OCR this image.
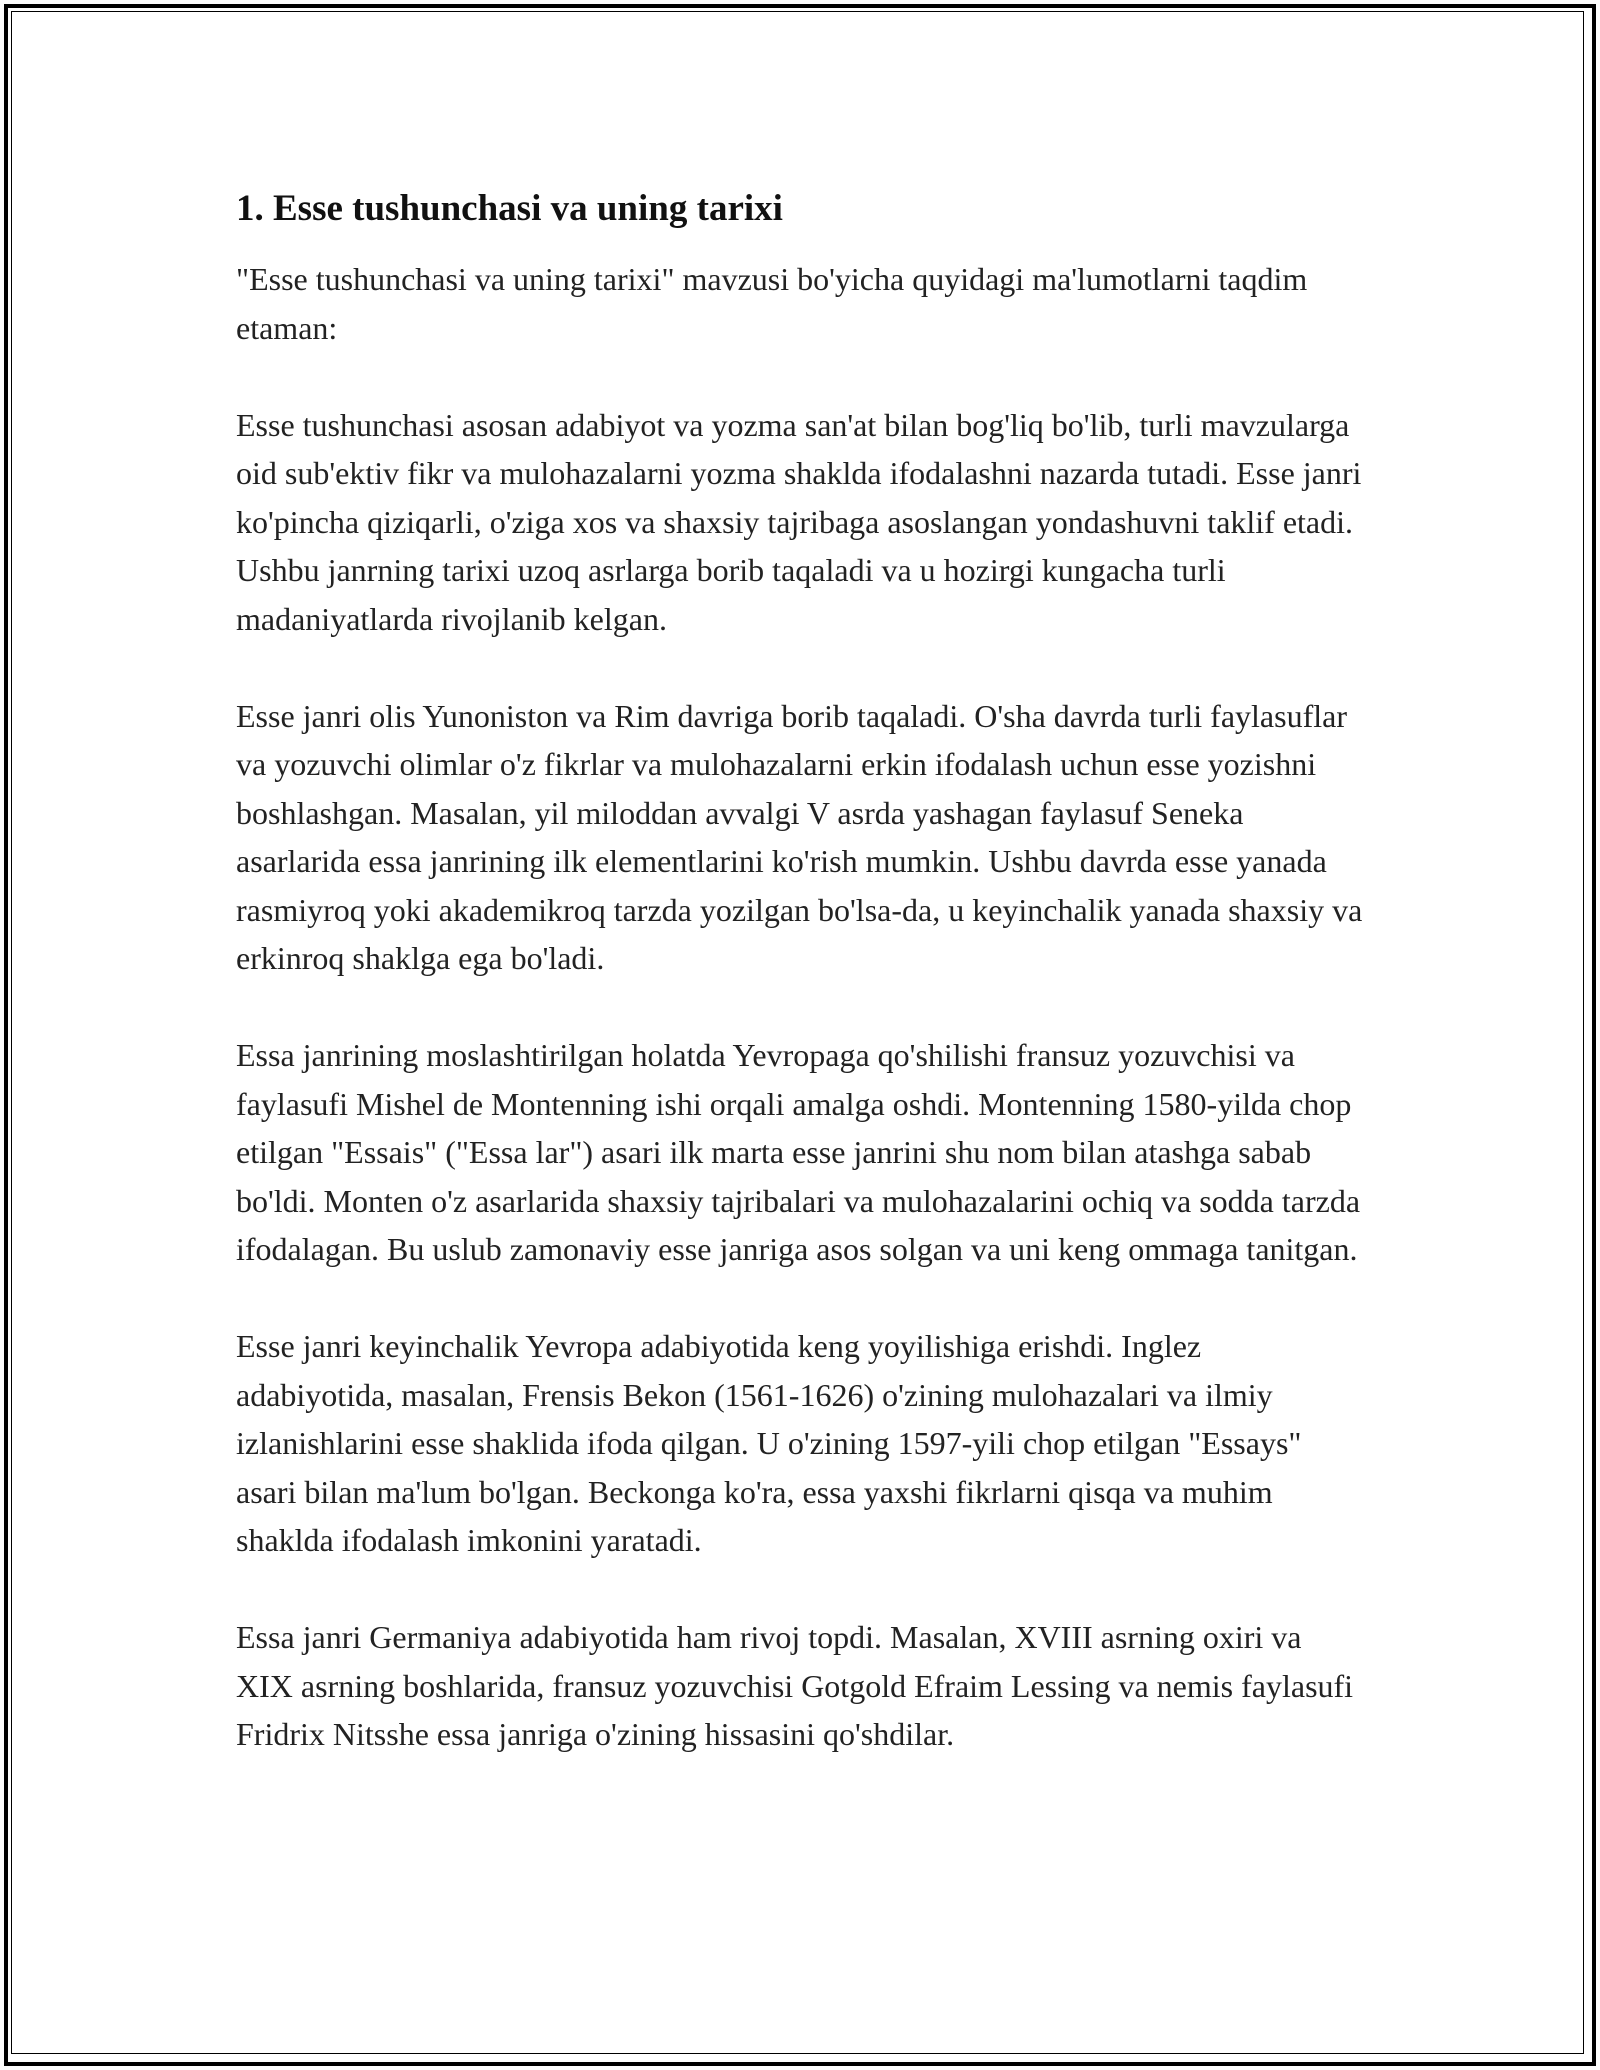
1. Esse tushunchasi va uning tarixi

"Esse tushunchasi va uning tarixi" mavzusi bo'yicha quyidagi ma'lumotlarni taqdim etaman:

Esse tushunchasi asosan adabiyot va yozma san'at bilan bog'liq bo'lib, turli mavzularga oid sub'ektiv fikr va mulohazalarni yozma shaklda ifodalashni nazarda tutadi. Esse janri ko'pincha qiziqarli, o'ziga xos va shaxsiy tajribaga asoslangan yondashuvni taklif etadi. Ushbu janrning tarixi uzoq asrlarga borib taqaladi va u hozirgi kungacha turli madaniyatlarda rivojlanib kelgan.

Esse janri olis Yunoniston va Rim davriga borib taqaladi. O'sha davrda turli faylasuflar va yozuvchi olimlar o'z fikrlar va mulohazalarni erkin ifodalash uchun esse yozishni boshlashgan. Masalan, yil miloddan avvalgi V asrda yashagan faylasuf Seneka asarlarida essa janrining ilk elementlarini ko'rish mumkin. Ushbu davrda esse yanada rasmiyroq yoki akademikroq tarzda yozilgan bo'lsa-da, u keyinchalik yanada shaxsiy va erkinroq shaklga ega bo'ladi.

Essa janrining moslashtirilgan holatda Yevropaga qo'shilishi fransuz yozuvchisi va faylasufi Mishel de Montenning ishi orqali amalga oshdi. Montenning 1580-yilda chop etilgan "Essais" ("Essa lar") asari ilk marta esse janrini shu nom bilan atashga sabab bo'ldi. Monten o'z asarlarida shaxsiy tajribalari va mulohazalarini ochiq va sodda tarzda ifodalagan. Bu uslub zamonaviy esse janriga asos solgan va uni keng ommaga tanitgan.

Esse janri keyinchalik Yevropa adabiyotida keng yoyilishiga erishdi. Inglez adabiyotida, masalan, Frensis Bekon (1561-1626) o'zining mulohazalari va ilmiy izlanishlarini esse shaklida ifoda qilgan. U o'zining 1597-yili chop etilgan "Essays" asari bilan ma'lum bo'lgan. Beckonga ko'ra, essa yaxshi fikrlarni qisqa va muhim shaklda ifodalash imkonini yaratadi.

Essa janri Germaniya adabiyotida ham rivoj topdi. Masalan, XVIII asrning oxiri va XIX asrning boshlarida, fransuz yozuvchisi Gotgold Efraim Lessing va nemis faylasufi Fridrix Nitsshe essa janriga o'zining hissasini qo'shdilar.
